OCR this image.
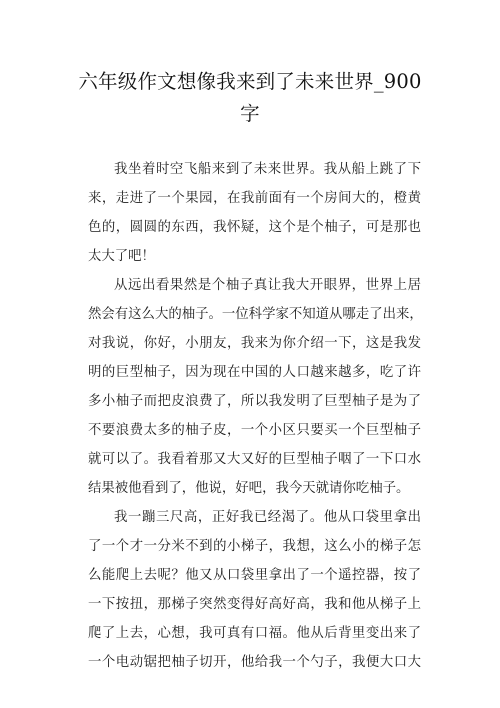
六年级作文想像我来到了未来世界_900
字
我坐着时空飞船来到了未来世界。我从船上跳了下
来，走进了一个果园，在我前面有一个房间大的，橙黄
色的，圆圆的东西，我怀疑，这个是个柚子，可是那也
太大了吧！
从远出看果然是个柚子真让我大开眼界，世界上居
然会有这么大的柚子。一位科学家不知道从哪走了出来，
对我说，你好，小朋友，我来为你介绍一下，这是我发
明的巨型柚子，因为现在中国的人口越来越多，吃了许
多小柚子而把皮浪费了，所以我发明了巨型柚子是为了
不要浪费太多的柚子皮，一个小区只要买一个巨型柚子
就可以了。我看着那又大又好的巨型柚子咽了一下口水
结果被他看到了，他说，好吧，我今天就请你吃柚子。
我一蹦三尺高，正好我已经渴了。他从口袋里拿出
了一个才一分米不到的小梯子，我想，这么小的梯子怎
么能爬上去呢？他又从口袋里拿出了一个遥控器，按了
一下按扭，那梯子突然变得好高好高，我和他从梯子上
爬了上去，心想，我可真有口福。他从后背里变出来了
一个电动锯把柚子切开，他给我一个勺子，我便大口大
